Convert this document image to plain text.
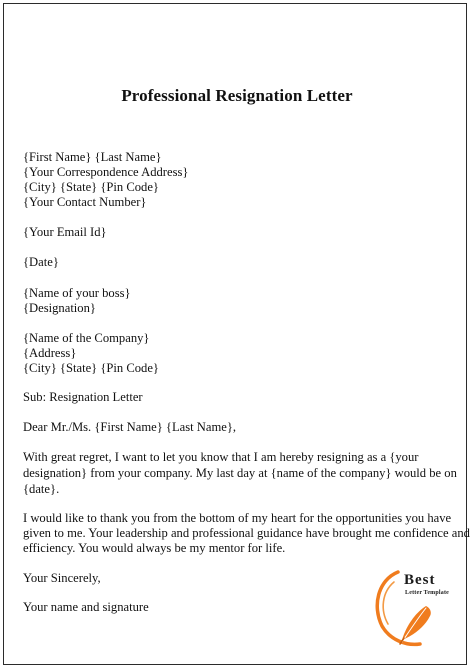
Professional Resignation Letter
{First Name} {Last Name}
{Your Correspondence Address}
{City} {State} {Pin Code}
{Your Contact Number}
{Your Email Id}
{Date}
{Name of your boss}
{Designation}
{Name of the Company}
{Address}
{City} {State} {Pin Code}
Sub: Resignation Letter
Dear Mr./Ms. {First Name} {Last Name},
With great regret, I want to let you know that I am hereby resigning as a {your
designation} from your company. My last day at {name of the company} would be on
{date}.
I would like to thank you from the bottom of my heart for the opportunities you have
given to me. Your leadership and professional guidance have brought me confidence and
efficiency. You would always be my mentor for life.
Your Sincerely,
Your name and signature
Best
Letter Template
